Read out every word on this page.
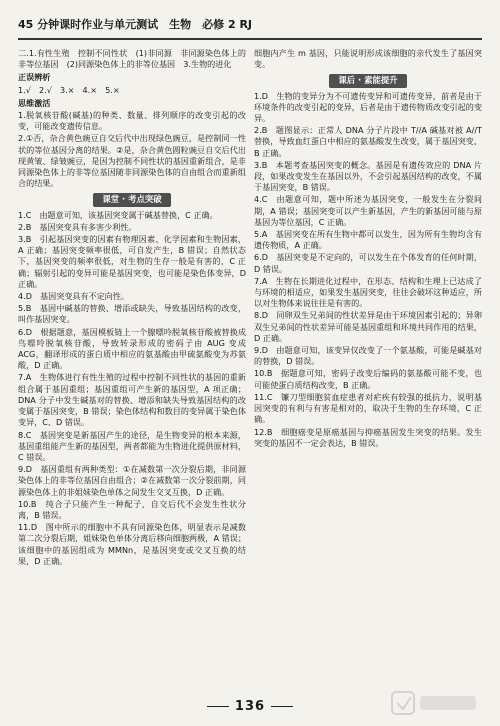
45 分钟课时作业与单元测试　生物　必修 2 RJ

二.1.有性生殖　控制不同性状　(1)非同源　非同源染色体上的非等位基因　(2)同源染色体上的非等位基因　3.生物的进化

正误辨析

1.√　2.√　3.×　4.×　5.×

思维激活

1.脱氧核苷酸(碱基)的种类、数量、排列顺序的改变引起的改变，可能改变遗传信息。

2.①否，杂合黄色豌豆自交后代中出现绿色豌豆，是控制同一性状的等位基因分离的结果。②是，杂合黄色圆粒豌豆自交后代出现黄皱、绿皱豌豆，是因为控制不同性状的基因重新组合，是非同源染色体上的非等位基因随非同源染色体的自由组合而重新组合的结果。

课堂 · 考点突破

1.C　由题意可知，该基因突变属于碱基替换，C 正确。

2.B　基因突变具有多害少利性。

3.B　引起基因突变的因素有物理因素、化学因素和生物因素，A 正确；基因突变频率很低，可自发产生，B 错误；自然状态下，基因突变的频率很低，对生物的生存一般是有害的，C 正确；辐射引起的变异可能是基因突变，也可能是染色体变异，D 正确。

4.D　基因突变具有不定向性。

5.B　基因中碱基的替换、增添或缺失，导致基因结构的改变，叫作基因突变。

6.D　根据题意，基因模板链上一个腺嘌呤脱氧核苷酸被替换成鸟嘌呤脱氧核苷酸，导致转录形成的密码子由 AUG 变成 ACG，翻译形成的蛋白质中相应的氨基酸由甲硫氨酸变为苏氨酸，D 正确。

7.A　生物体进行有性生殖的过程中控制不同性状的基因的重新组合属于基因重组；基因重组可产生新的基因型，A 项正确；DNA 分子中发生碱基对的替换、增添和缺失导致基因结构的改变属于基因突变，B 错误；染色体结构和数目的变异属于染色体变异，C、D 错误。

8.C　基因突变是新基因产生的途径，是生物变异的根本来源，基因重组能产生新的基因型，两者都能为生物进化提供原材料，C 错误。

9.D　基因重组有两种类型：①在减数第一次分裂后期，非同源染色体上的非等位基因自由组合；②在减数第一次分裂前期，同源染色体上的非姐妹染色单体之间发生交叉互换，D 正确。

10.B　纯合子只能产生一种配子，自交后代不会发生性状分离，B 错误。

11.D　图中所示的细胞中不具有同源染色体，明显表示是减数第二次分裂后期，姐妹染色单体分离后移向细胞两极，A 错误；该细胞中的基因组成为 MMNn，是基因突变或交叉互换的结果，D 正确。

细胞内产生 m 基因，只能说明形成该细胞的亲代发生了基因突变。

课后 · 素能提升

1.D　生物的变异分为不可遗传变异和可遗传变异，前者是由于环境条件的改变引起的变异，后者是由于遗传物质改变引起的变异。

2.B　题图显示：正常人 DNA 分子片段中 T//A 碱基对被 A//T 替换，导致血红蛋白中相应的氨基酸发生改变，属于基因突变，B 正确。

3.B　本题考查基因突变的概念。基因是有遗传效应的 DNA 片段，如果改变发生在基因以外，不会引起基因结构的改变，不属于基因突变，B 错误。

4.C　由题意可知，题中所述为基因突变，一般发生在分裂间期，A 错误；基因突变可以产生新基因，产生的新基因可能与原基因为等位基因，C 正确。

5.A　基因突变在所有生物中都可以发生，因为所有生物均含有遗传物质，A 正确。

6.D　基因突变是不定向的，可以发生在个体发育的任何时期，D 错误。

7.A　生物在长期进化过程中，在形态、结构和生理上已达成了与环境的相适应，如果发生基因突变，往往会破坏这种适应，所以对生物体来说往往是有害的。

8.D　同卵双生兄弟间的性状差异是由于环境因素引起的；异卵双生兄弟间的性状差异可能是基因重组和环境共同作用的结果，D 正确。

9.D　由题意可知，该变异仅改变了一个氨基酸，可能是碱基对的替换，D 错误。

10.B　据题意可知，密码子改变后编码的氨基酸可能不变，也可能使蛋白质结构改变，B 正确。

11.C　镰刀型细胞贫血症患者对疟疾有较强的抵抗力，说明基因突变的有利与有害是相对的，取决于生物的生存环境，C 正确。

12.B　细胞癌变是原癌基因与抑癌基因发生突变的结果。发生突变的基因不一定会表达，B 错误。

136
